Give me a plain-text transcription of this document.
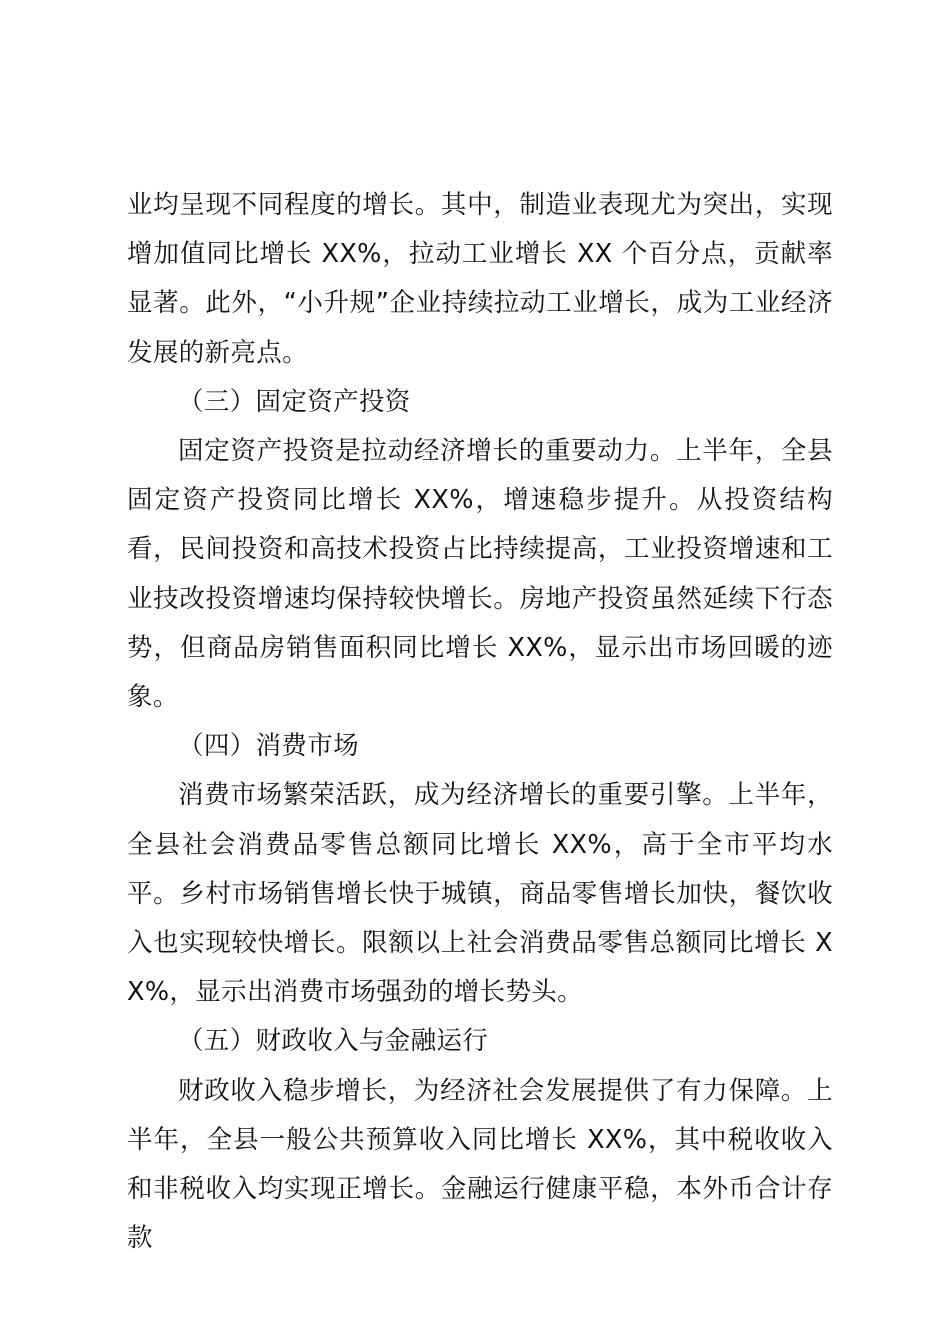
业均呈现不同程度的增长。其中，制造业表现尤为突出，实现增加值同比增长 XX%，拉动工业增长 XX 个百分点，贡献率显著。此外，“小升规”企业持续拉动工业增长，成为工业经济发展的新亮点。

（三）固定资产投资

固定资产投资是拉动经济增长的重要动力。上半年，全县固定资产投资同比增长 XX%，增速稳步提升。从投资结构看，民间投资和高技术投资占比持续提高，工业投资增速和工业技改投资增速均保持较快增长。房地产投资虽然延续下行态势，但商品房销售面积同比增长 XX%，显示出市场回暖的迹象。

（四）消费市场

消费市场繁荣活跃，成为经济增长的重要引擎。上半年，全县社会消费品零售总额同比增长 XX%，高于全市平均水平。乡村市场销售增长快于城镇，商品零售增长加快，餐饮收入也实现较快增长。限额以上社会消费品零售总额同比增长 XX%，显示出消费市场强劲的增长势头。

（五）财政收入与金融运行

财政收入稳步增长，为经济社会发展提供了有力保障。上半年，全县一般公共预算收入同比增长 XX%，其中税收收入和非税收入均实现正增长。金融运行健康平稳，本外币合计存款
